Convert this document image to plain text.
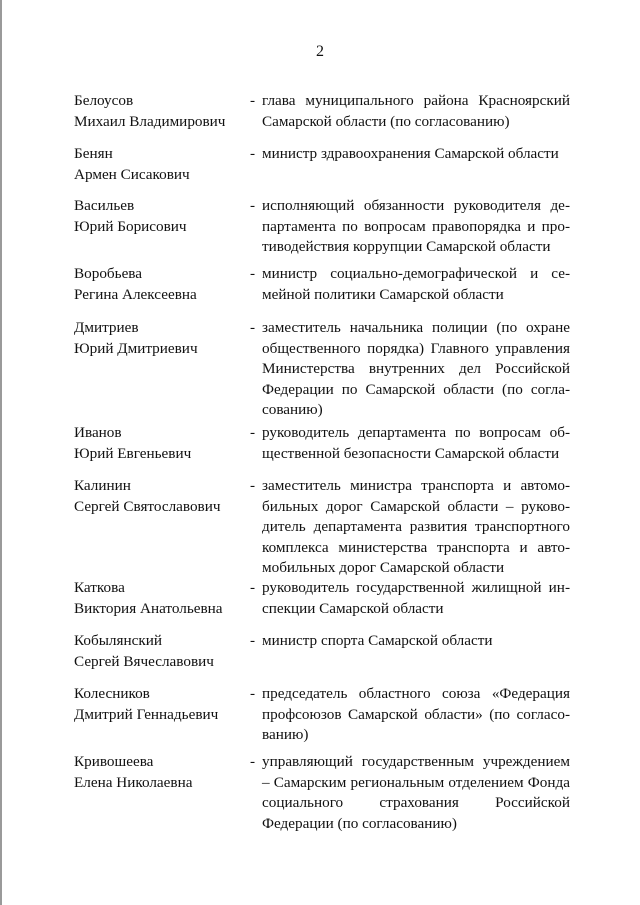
2
Белоусов
Михаил Владимирович
- глава муниципального района Красноярский Самарской области (по согласованию)
Бенян
Армен Сисакович
- министр здравоохранения Самарской области
Васильев
Юрий Борисович
- исполняющий обязанности руководителя департамента по вопросам правопорядка и противодействия коррупции Самарской области
Воробьева
Регина Алексеевна
- министр социально-демографической и семейной политики Самарской области
Дмитриев
Юрий Дмитриевич
- заместитель начальника полиции (по охране общественного порядка) Главного управления Министерства внутренних дел Российской Федерации по Самарской области (по согласованию)
Иванов
Юрий Евгеньевич
- руководитель департамента по вопросам общественной безопасности Самарской области
Калинин
Сергей Святославович
- заместитель министра транспорта и автомобильных дорог Самарской области – руководитель департамента развития транспортного комплекса министерства транспорта и автомобильных дорог Самарской области
Каткова
Виктория Анатольевна
- руководитель государственной жилищной инспекции Самарской области
Кобылянский
Сергей Вячеславович
- министр спорта Самарской области
Колесников
Дмитрий Геннадьевич
- председатель областного союза «Федерация профсоюзов Самарской области» (по согласованию)
Кривошеева
Елена Николаевна
- управляющий государственным учреждением – Самарским региональным отделением Фонда социального страхования Российской Федерации (по согласованию)
